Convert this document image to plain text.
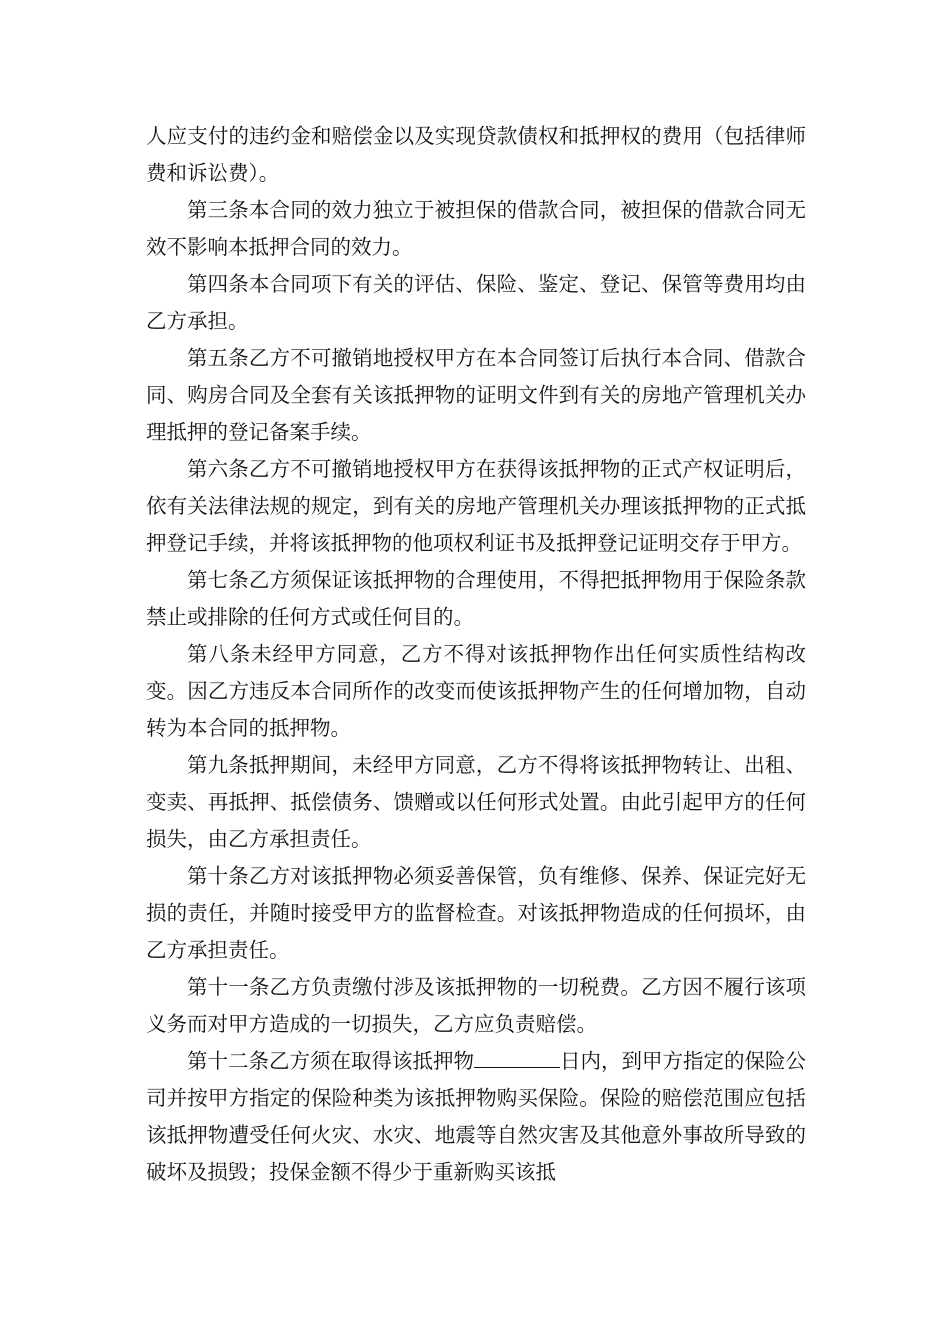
人应支付的违约金和赔偿金以及实现贷款债权和抵押权的费用（包括律师费和诉讼费）。

第三条本合同的效力独立于被担保的借款合同，被担保的借款合同无效不影响本抵押合同的效力。

第四条本合同项下有关的评估、保险、鉴定、登记、保管等费用均由乙方承担。

第五条乙方不可撤销地授权甲方在本合同签订后执行本合同、借款合同、购房合同及全套有关该抵押物的证明文件到有关的房地产管理机关办理抵押的登记备案手续。

第六条乙方不可撤销地授权甲方在获得该抵押物的正式产权证明后，依有关法律法规的规定，到有关的房地产管理机关办理该抵押物的正式抵押登记手续，并将该抵押物的他项权利证书及抵押登记证明交存于甲方。

第七条乙方须保证该抵押物的合理使用，不得把抵押物用于保险条款禁止或排除的任何方式或任何目的。

第八条未经甲方同意，乙方不得对该抵押物作出任何实质性结构改变。因乙方违反本合同所作的改变而使该抵押物产生的任何增加物，自动转为本合同的抵押物。

第九条抵押期间，未经甲方同意，乙方不得将该抵押物转让、出租、变卖、再抵押、抵偿债务、馈赠或以任何形式处置。由此引起甲方的任何损失，由乙方承担责任。

第十条乙方对该抵押物必须妥善保管，负有维修、保养、保证完好无损的责任，并随时接受甲方的监督检查。对该抵押物造成的任何损坏，由乙方承担责任。

第十一条乙方负责缴付涉及该抵押物的一切税费。乙方因不履行该项义务而对甲方造成的一切损失，乙方应负责赔偿。

第十二条乙方须在取得该抵押物	日内，到甲方指定的保险公司并按甲方指定的保险种类为该抵押物购买保险。保险的赔偿范围应包括该抵押物遭受任何火灾、水灾、地震等自然灾害及其他意外事故所导致的破坏及损毁；投保金额不得少于重新购买该抵
